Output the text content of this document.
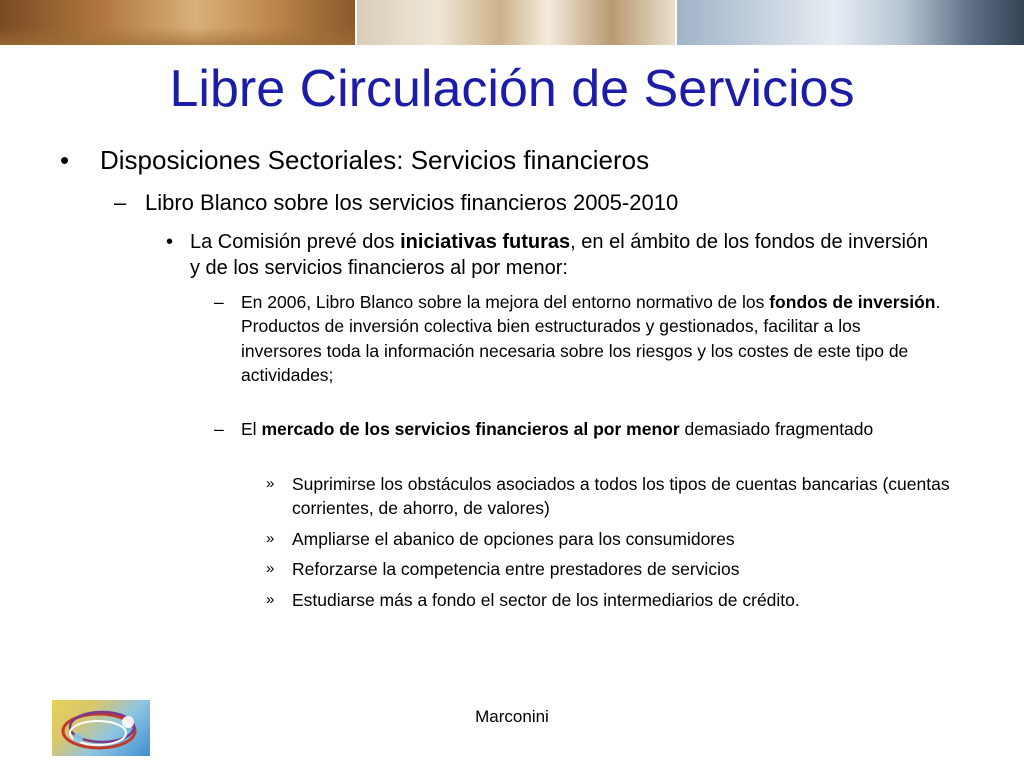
Libre Circulación de Servicios
• Disposiciones Sectoriales: Servicios financieros
– Libro Blanco sobre los servicios financieros 2005-2010
• La Comisión prevé dos iniciativas futuras, en el ámbito de los fondos de inversión y de los servicios financieros al por menor:
– En 2006, Libro Blanco sobre la mejora del entorno normativo de los fondos de inversión. Productos de inversión colectiva bien estructurados y gestionados, facilitar a los inversores toda la información necesaria sobre los riesgos y los costes de este tipo de actividades;
– El mercado de los servicios financieros al por menor demasiado fragmentado
» Suprimirse los obstáculos asociados a todos los tipos de cuentas bancarias (cuentas corrientes, de ahorro, de valores)
» Ampliarse el abanico de opciones para los consumidores
» Reforzarse la competencia entre prestadores de servicios
» Estudiarse más a fondo el sector de los intermediarios de crédito.
Marconini
